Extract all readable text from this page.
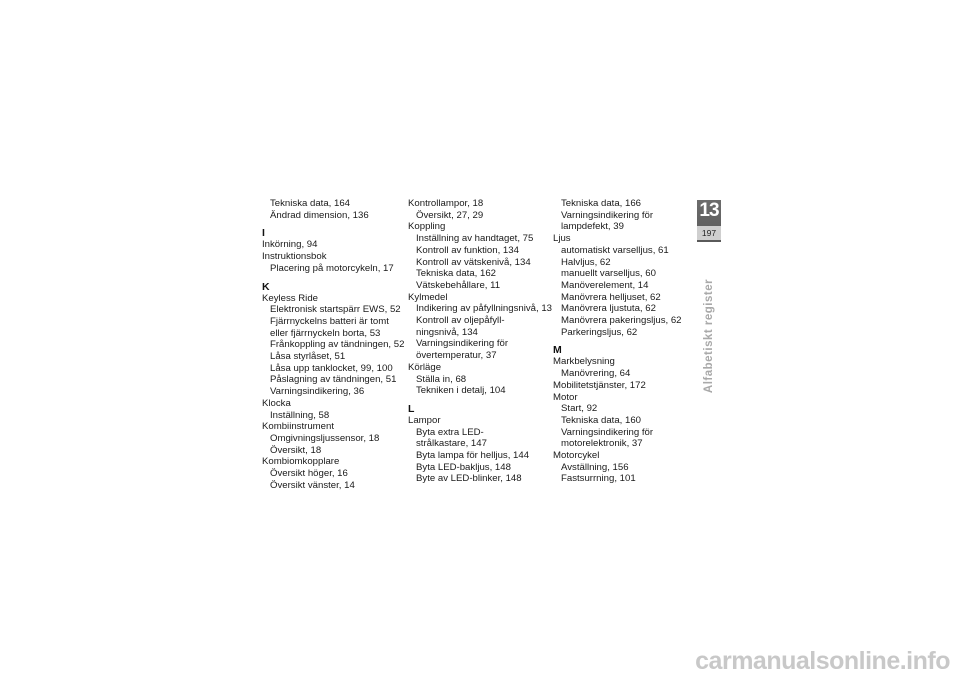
Tekniska data, 164
Ändrad dimension, 136
I
Inkörning, 94
Instruktionsbok
Placering på motorcykeln, 17
K
Keyless Ride
Elektronisk startspärr EWS, 52
Fjärrnyckelns batteri är tomt
eller fjärrnyckeln borta, 53
Frånkoppling av tändningen, 52
Låsa styrlåset, 51
Låsa upp tanklocket, 99, 100
Påslagning av tändningen, 51
Varningsindikering, 36
Klocka
Inställning, 58
Kombiinstrument
Omgivningsljussensor, 18
Översikt, 18
Kombiomkopplare
Översikt höger, 16
Översikt vänster, 14
Kontrollampor, 18
Översikt, 27, 29
Koppling
Inställning av handtaget, 75
Kontroll av funktion, 134
Kontroll av vätskenivå, 134
Tekniska data, 162
Vätskebehållare, 11
Kylmedel
Indikering av påfyllningsnivå, 13
Kontroll av oljepåfyll-
ningsnivå, 134
Varningsindikering för
övertemperatur, 37
Körläge
Ställa in, 68
Tekniken i detalj, 104
L
Lampor
Byta extra LED-
strålkastare, 147
Byta lampa för helljus, 144
Byta LED-bakljus, 148
Byte av LED-blinker, 148
Tekniska data, 166
Varningsindikering för
lampdefekt, 39
Ljus
automatiskt varselljus, 61
Halvljus, 62
manuellt varselljus, 60
Manöverelement, 14
Manövrera helljuset, 62
Manövrera ljustuta, 62
Manövrera pakeringsljus, 62
Parkeringsljus, 62
M
Markbelysning
Manövrering, 64
Mobilitetstjänster, 172
Motor
Start, 92
Tekniska data, 160
Varningsindikering för
motorelektronik, 37
Motorcykel
Avställning, 156
Fastsurrning, 101
13
197
Alfabetiskt register
carmanualsonline.info
